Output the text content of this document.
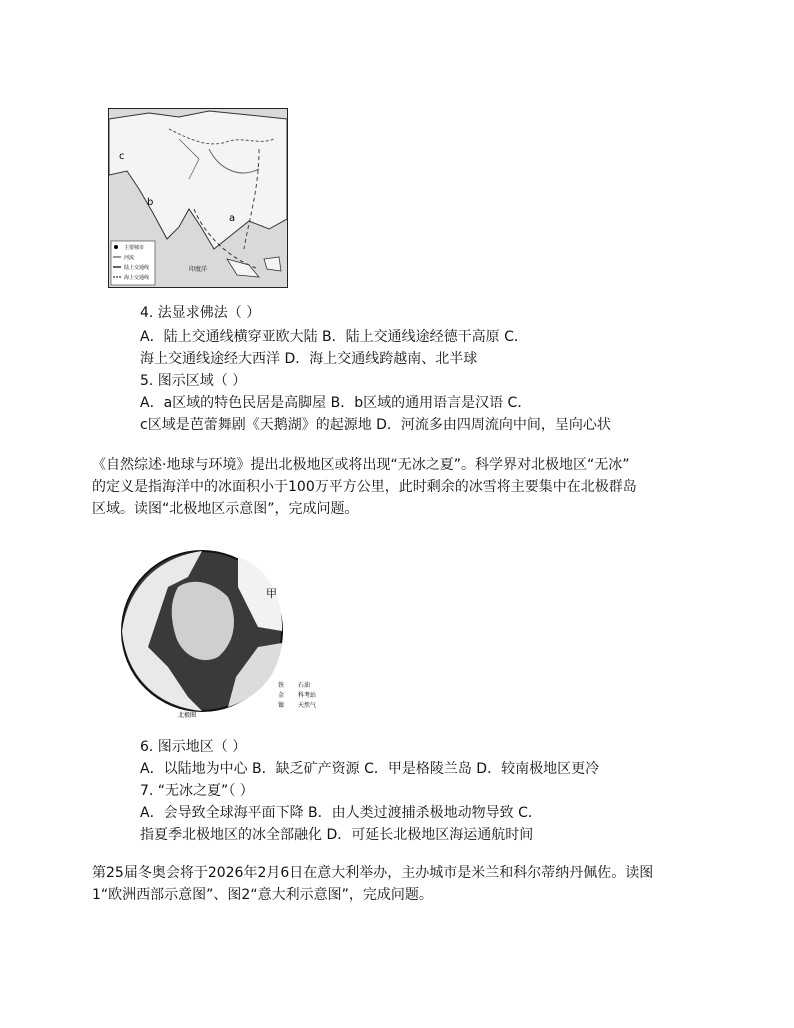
主要城市
河流
陆上交通线
海上交通线
c
b
a
印度洋
4. 法显求佛法（ ）
A．陆上交通线横穿亚欧大陆 B．陆上交通线途经德干高原 C．
海上交通线途经大西洋 D．海上交通线跨越南、北半球
5. 图示区域（ ）
A．a区域的特色民居是高脚屋 B．b区域的通用语言是汉语 C．
c区域是芭蕾舞剧《天鹅湖》的起源地 D．河流多由四周流向中间，呈向心状
《自然综述·地球与环境》提出北极地区或将出现“无冰之夏”。科学界对北极地区“无冰”
的定义是指海洋中的冰面积小于100万平方公里，此时剩余的冰雪将主要集中在北极群岛
区域。读图“北极地区示意图”，完成问题。
甲
北极圈
铁 石油
金 科考站
镍 天然气
6. 图示地区（ ）
A．以陆地为中心 B．缺乏矿产资源 C．甲是格陵兰岛 D．较南极地区更冷
7. “无冰之夏”（ ）
A．会导致全球海平面下降 B．由人类过渡捕杀极地动物导致 C．
指夏季北极地区的冰全部融化 D．可延长北极地区海运通航时间
第25届冬奥会将于2026年2月6日在意大利举办，主办城市是米兰和科尔蒂纳丹佩佐。读图
1“欧洲西部示意图”、图2“意大利示意图”，完成问题。
